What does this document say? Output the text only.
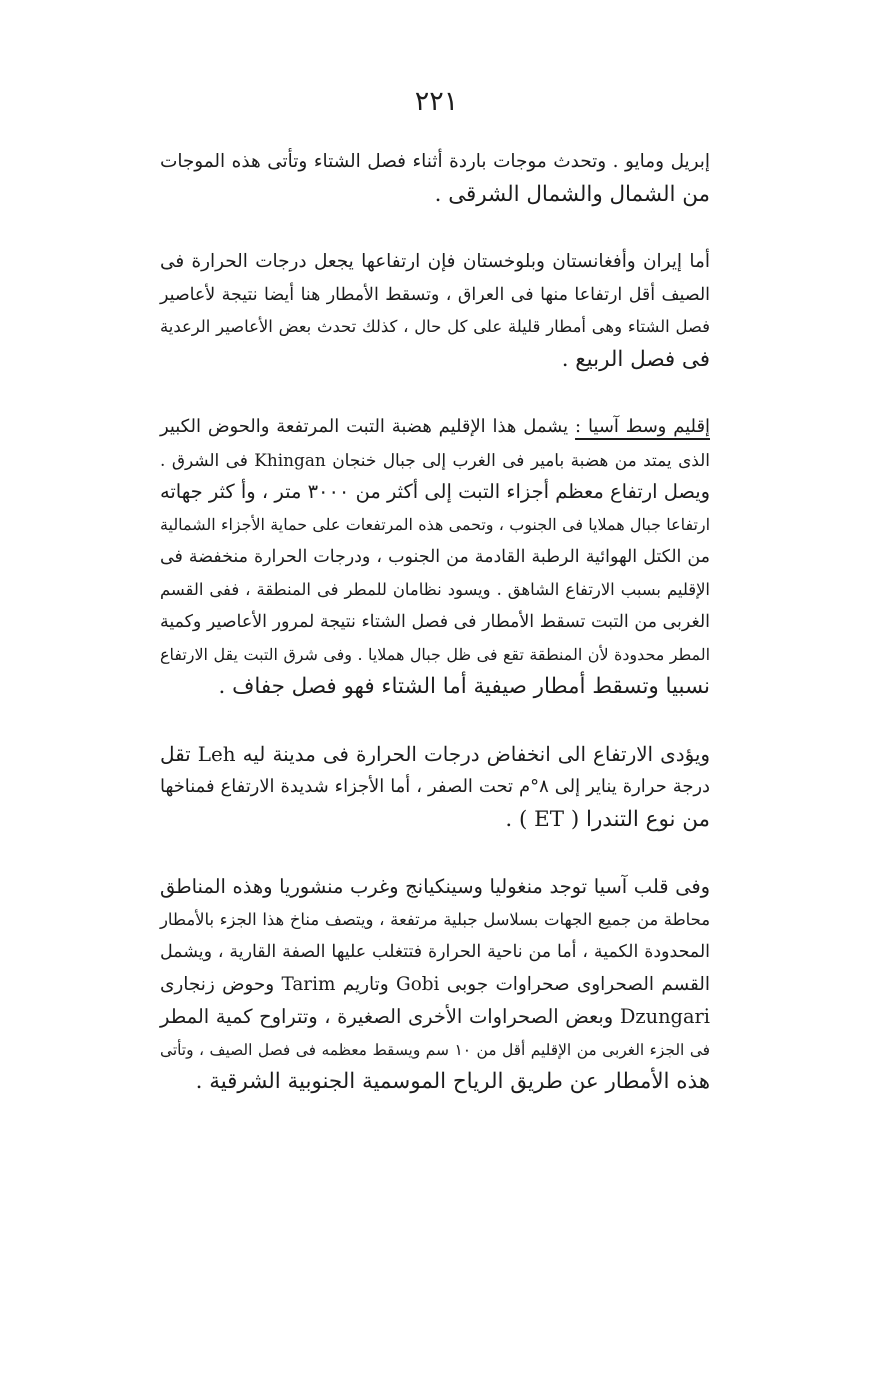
٢٢١
إبريل ومايو . وتحدث موجات باردة أثناء فصل الشتاء وتأتى هذه الموجات
من الشمال والشمال الشرقى .
أما إيران وأفغانستان وبلوخستان فإن ارتفاعها يجعل درجات الحرارة فى
الصيف أقل ارتفاعا منها فى العراق ، وتسقط الأمطار هنا أيضا نتيجة لأعاصير
فصل الشتاء وهى أمطار قليلة على كل حال ، كذلك تحدث بعض الأعاصير الرعدية
فى فصل الربيع .
إقليم وسط آسيا : يشمل هذا الإقليم هضبة التبت المرتفعة والحوض الكبير
الذى يمتد من هضبة بامير فى الغرب إلى جبال خنجان Khingan فى الشرق .
ويصل ارتفاع معظم أجزاء التبت إلى أكثر من ٣٠٠٠ متر ، وأ كثر جهاته
ارتفاعا جبال هملايا فى الجنوب ، وتحمى هذه المرتفعات على حماية الأجزاء الشمالية
من الكتل الهوائية الرطبة القادمة من الجنوب ، ودرجات الحرارة منخفضة فى
الإقليم بسبب الارتفاع الشاهق . ويسود نظامان للمطر فى المنطقة ، ففى القسم
الغربى من التبت تسقط الأمطار فى فصل الشتاء نتيجة لمرور الأعاصير وكمية
المطر محدودة لأن المنطقة تقع فى ظل جبال هملايا . وفى شرق التبت يقل الارتفاع
نسبيا وتسقط أمطار صيفية أما الشتاء فهو فصل جفاف .
ويؤدى الارتفاع الى انخفاض درجات الحرارة فى مدينة ليه Leh تقل
درجة حرارة يناير إلى ٨°م تحت الصفر ، أما الأجزاء شديدة الارتفاع فمناخها
من نوع التندرا ( ET ) .
وفى قلب آسيا توجد منغوليا وسينكيانج وغرب منشوريا وهذه المناطق
محاطة من جميع الجهات بسلاسل جبلية مرتفعة ، ويتصف مناخ هذا الجزء بالأمطار
المحدودة الكمية ، أما من ناحية الحرارة فتتغلب عليها الصفة القارية ، ويشمل
القسم الصحراوى صحراوات جوبى Gobi وتاريم Tarim وحوض زنجارى
Dzungari وبعض الصحراوات الأخرى الصغيرة ، وتتراوح كمية المطر
فى الجزء الغربى من الإقليم أقل من ١٠ سم ويسقط معظمه فى فصل الصيف ، وتأتى
هذه الأمطار عن طريق الرياح الموسمية الجنوبية الشرقية .
